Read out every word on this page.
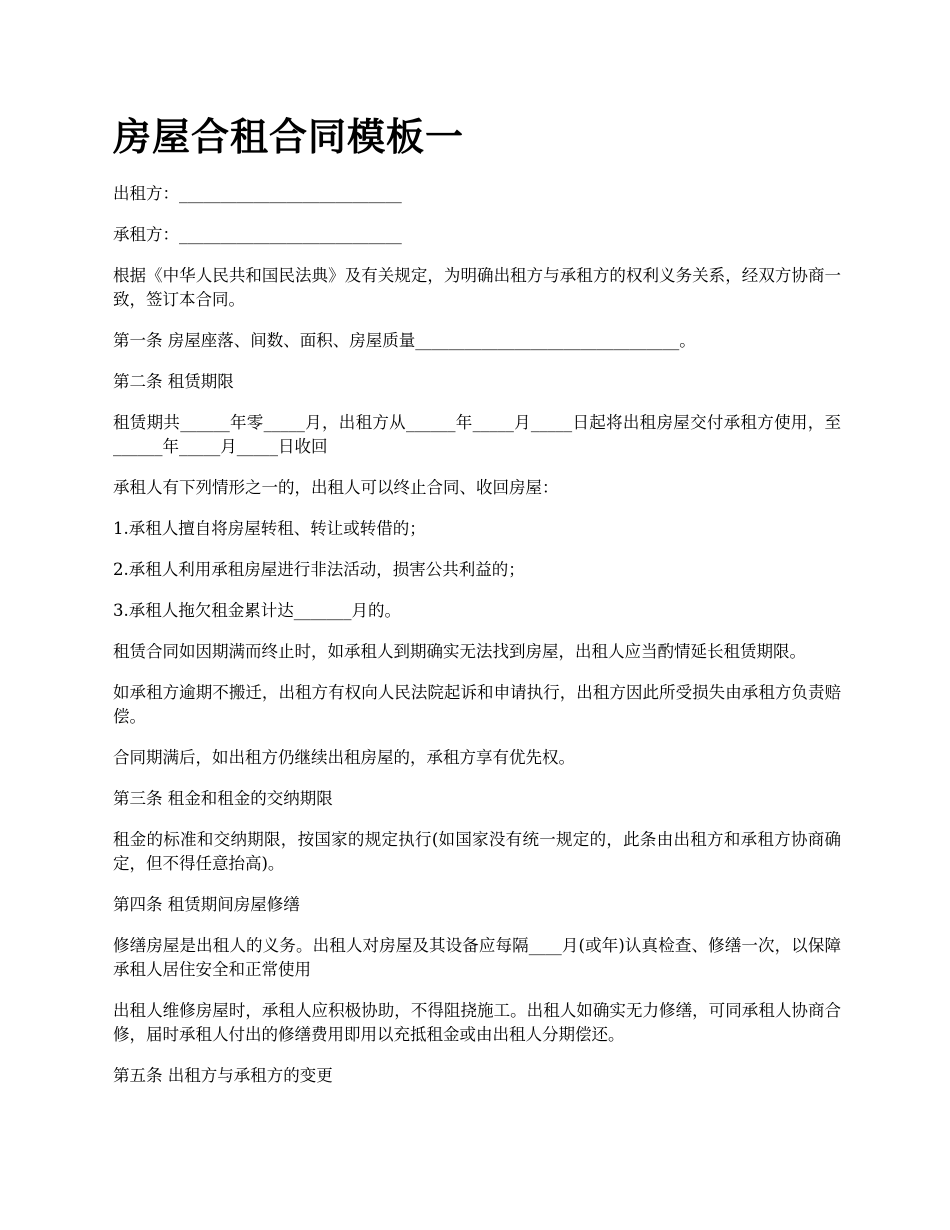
房屋合租合同模板一

出租方：___________________________

承租方：___________________________

根据《中华人民共和国民法典》及有关规定，为明确出租方与承租方的权利义务关系，经双方协商一致，签订本合同。

第一条 房屋座落、间数、面积、房屋质量________________________________。

第二条 租赁期限

租赁期共______年零_____月，出租方从______年_____月_____日起将出租房屋交付承租方使用，至______年_____月_____日收回

承租人有下列情形之一的，出租人可以终止合同、收回房屋：

1.承租人擅自将房屋转租、转让或转借的；

2.承租人利用承租房屋进行非法活动，损害公共利益的；

3.承租人拖欠租金累计达_______月的。

租赁合同如因期满而终止时，如承租人到期确实无法找到房屋，出租人应当酌情延长租赁期限。

如承租方逾期不搬迁，出租方有权向人民法院起诉和申请执行，出租方因此所受损失由承租方负责赔偿。

合同期满后，如出租方仍继续出租房屋的，承租方享有优先权。

第三条 租金和租金的交纳期限

租金的标准和交纳期限，按国家的规定执行(如国家没有统一规定的，此条由出租方和承租方协商确定，但不得任意抬高)。

第四条 租赁期间房屋修缮

修缮房屋是出租人的义务。出租人对房屋及其设备应每隔____月(或年)认真检查、修缮一次，以保障承租人居住安全和正常使用

出租人维修房屋时，承租人应积极协助，不得阻挠施工。出租人如确实无力修缮，可同承租人协商合修，届时承租人付出的修缮费用即用以充抵租金或由出租人分期偿还。

第五条 出租方与承租方的变更
